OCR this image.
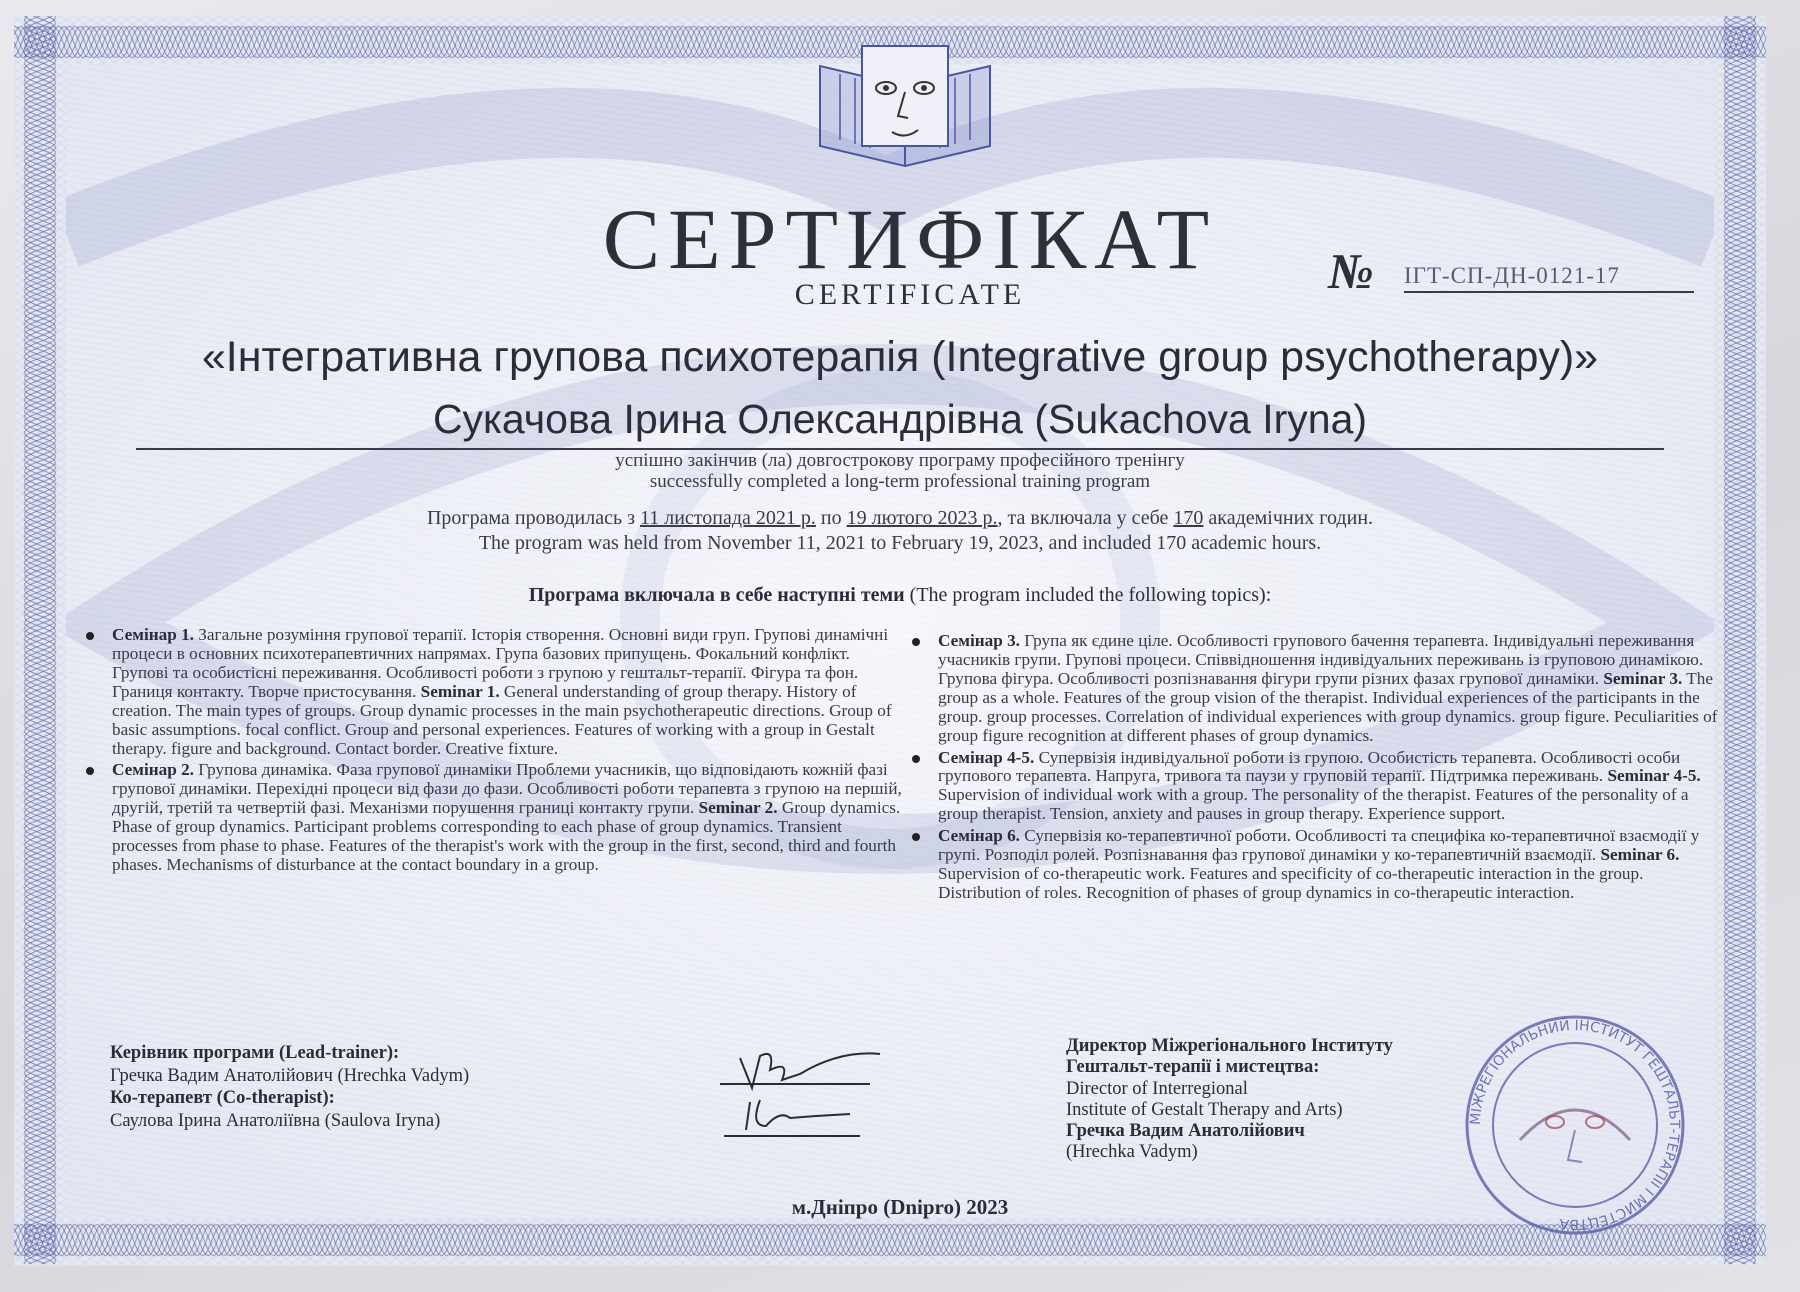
СЕРТИФІКАТ
CERTIFICATE	№ ІГТ-СП-ДН-0121-17
«Інтегративна групова психотерапія (Integrative group psychotherapy)»
Сукачова Ірина Олександрівна (Sukachova Iryna)
успішно закінчив (ла) довгострокову програму професійного тренінгу
successfully completed a long-term professional training program
Програма проводилась з 11 листопада 2021 р. по 19 лютого 2023 р., та включала у себе 170 академічних годин.
The program was held from November 11, 2021 to February 19, 2023, and included 170 academic hours.
Програма включала в себе наступні теми (The program included the following topics):
Семінар 1. Загальне розуміння групової терапії. Історія створення. Основні види груп. Групові динамічні процеси в основних психотерапевтичних напрямах. Група базових припущень. Фокальний конфлікт. Групові та особистісні переживання. Особливості роботи з групою у гештальт-терапії. Фігура та фон. Границя контакту. Творче пристосування. Seminar 1. General understanding of group therapy. History of creation. The main types of groups. Group dynamic processes in the main psychotherapeutic directions. Group of basic assumptions. focal conflict. Group and personal experiences. Features of working with a group in Gestalt therapy. figure and background. Contact border. Creative fixture.
Семінар 2. Групова динаміка. Фаза групової динаміки Проблеми учасників, що відповідають кожній фазі групової динаміки. Перехідні процеси від фази до фази. Особливості роботи терапевта з групою на першій, другій, третій та четвертій фазі. Механізми порушення границі контакту групи. Seminar 2. Group dynamics. Phase of group dynamics. Participant problems corresponding to each phase of group dynamics. Transient processes from phase to phase. Features of the therapist's work with the group in the first, second, third and fourth phases. Mechanisms of disturbance at the contact boundary in a group.
Семінар 3. Група як єдине ціле. Особливості групового бачення терапевта. Індивідуальні переживання учасників групи. Групові процеси. Співвідношення індивідуальних переживань із груповою динамікою. Групова фігура. Особливості розпізнавання фігури групи різних фазах групової динаміки. Seminar 3. The group as a whole. Features of the group vision of the therapist. Individual experiences of the participants in the group. group processes. Correlation of individual experiences with group dynamics. group figure. Peculiarities of group figure recognition at different phases of group dynamics.
Семінар 4-5. Супервізія індивідуальної роботи із групою. Особистість терапевта. Особливості особи групового терапевта. Напруга, тривога та паузи у груповій терапії. Підтримка переживань. Seminar 4-5. Supervision of individual work with a group. The personality of the therapist. Features of the personality of a group therapist. Tension, anxiety and pauses in group therapy. Experience support.
Семінар 6. Супервізія ко-терапевтичної роботи. Особливості та специфіка ко-терапевтичної взаємодії у групі. Розподіл ролей. Розпізнавання фаз групової динаміки у ко-терапевтичній взаємодії. Seminar 6. Supervision of co-therapeutic work. Features and specificity of co-therapeutic interaction in the group. Distribution of roles. Recognition of phases of group dynamics in co-therapeutic interaction.
Керівник програми (Lead-trainer):
Гречка Вадим Анатолійович (Hrechka Vadym)
Ко-терапевт (Co-therapist):
Саулова Ірина Анатоліївна (Saulova Iryna)
Директор Міжрегіонального Інституту
Гештальт-терапії і мистецтва:
Director of Interregional
Institute of Gestalt Therapy and Arts)
Гречка Вадим Анатолійович
(Hrechka Vadym)
МІЖРЕГІОНАЛЬНИЙ ІНСТИТУТ ГЕШТАЛЬТ-ТЕРАПІЇ І МИСТЕЦТВА
м.Дніпро (Dnipro) 2023
